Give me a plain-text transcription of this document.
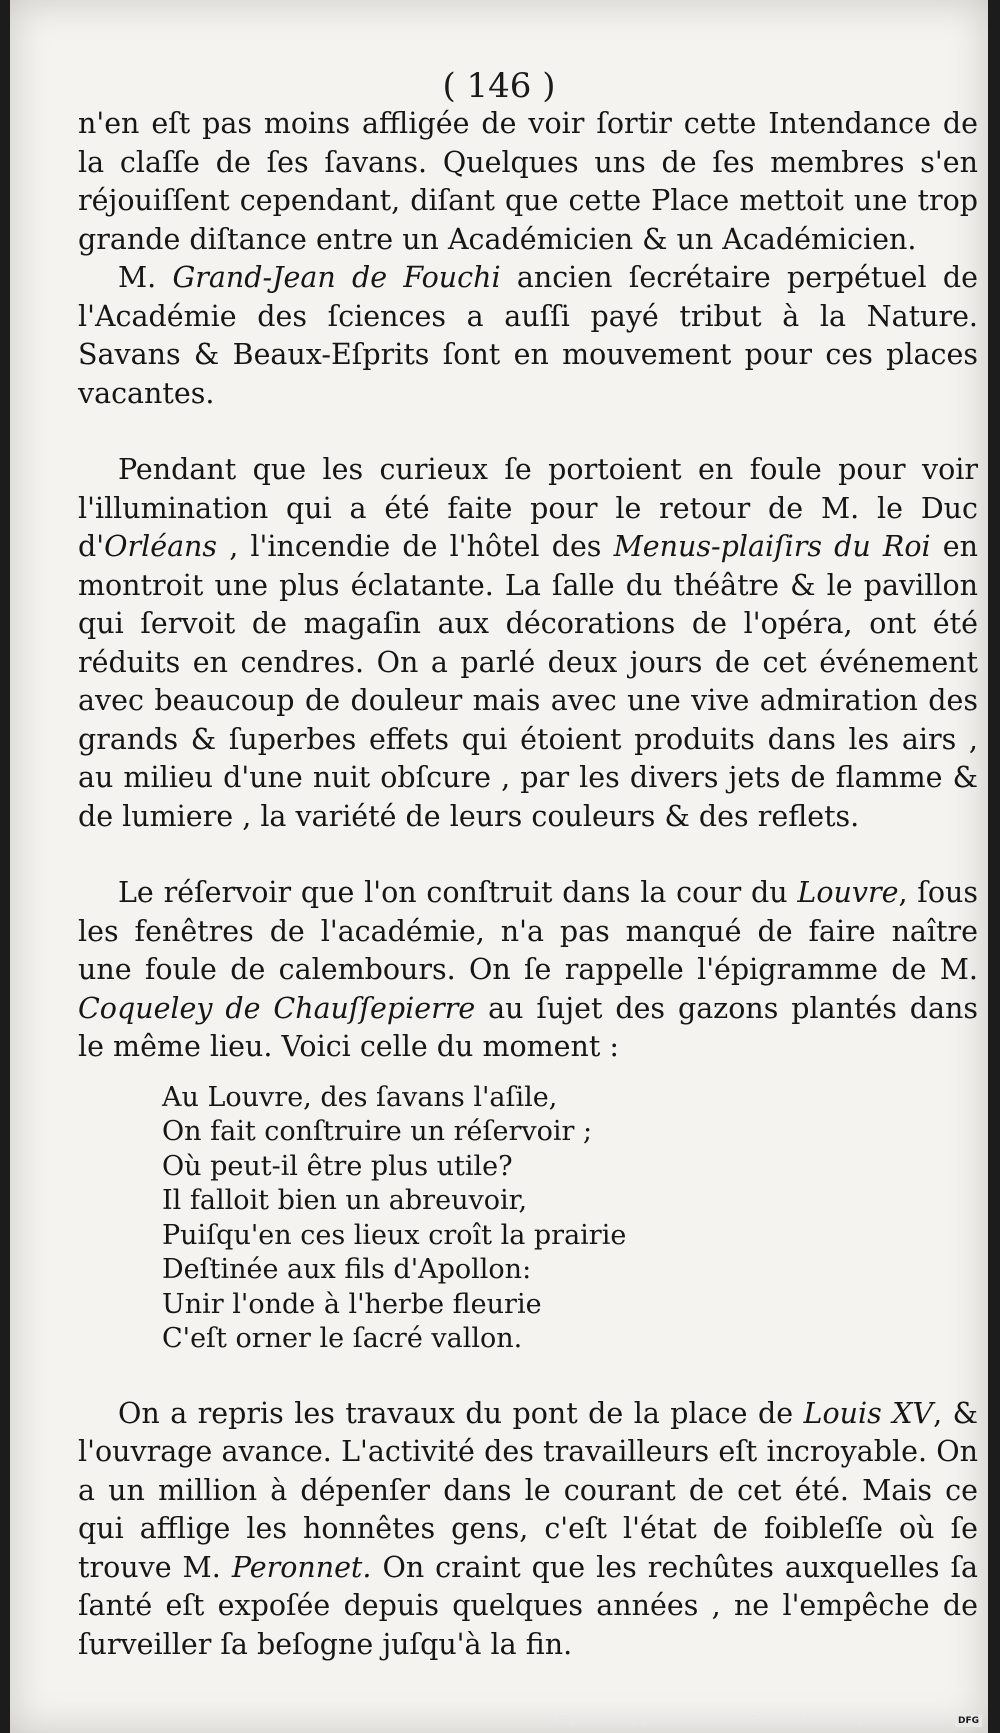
( 146 )

n'en eſt pas moins affligée de voir ſortir cette Intendance de la claſſe de ſes ſavans. Quelques uns de ſes membres s'en réjouiſſent cependant, diſant que cette Place mettoit une trop grande diſtance entre un Académicien & un Académicien.

M. Grand-Jean de Fouchi ancien ſecrétaire perpétuel de l'Académie des ſciences a auſſi payé tribut à la Nature. Savans & Beaux-Eſprits ſont en mouvement pour ces places vacantes.

Pendant que les curieux ſe portoient en foule pour voir l'illumination qui a été faite pour le retour de M. le Duc d'Orléans , l'incendie de l'hôtel des Menus-plaiſirs du Roi en montroit une plus éclatante. La ſalle du théâtre & le pavillon qui ſervoit de magaſin aux décorations de l'opéra, ont été réduits en cendres. On a parlé deux jours de cet événement avec beaucoup de douleur mais avec une vive admiration des grands & ſuperbes effets qui étoient produits dans les airs , au milieu d'une nuit obſcure , par les divers jets de flamme & de lumiere , la variété de leurs couleurs & des reflets.

Le réſervoir que l'on conſtruit dans la cour du Louvre, ſous les fenêtres de l'académie, n'a pas manqué de faire naître une foule de calembours. On ſe rappelle l'épigramme de M. Coqueley de Chauſſepierre au ſujet des gazons plantés dans le même lieu. Voici celle du moment :

Au Louvre, des ſavans l'aſile,
On fait conſtruire un réſervoir ;
Où peut-il être plus utile?
Il falloit bien un abreuvoir,
Puiſqu'en ces lieux croît la prairie
Deſtinée aux fils d'Apollon:
Unir l'onde à l'herbe fleurie
C'eſt orner le ſacré vallon.

On a repris les travaux du pont de la place de Louis XV, & l'ouvrage avance. L'activité des travailleurs eſt incroyable. On a un million à dépenſer dans le courant de cet été. Mais ce qui afflige les honnêtes gens, c'eſt l'état de foibleſſe où ſe trouve M. Peronnet. On craint que les rechûtes auxquelles ſa ſanté eſt expoſée depuis quelques années , ne l'empêche de ſurveiller ſa beſogne juſqu'à la fin.

Digitalisierung gefördert durch die Deutsche Forschungsgemeinschaft - DFG
